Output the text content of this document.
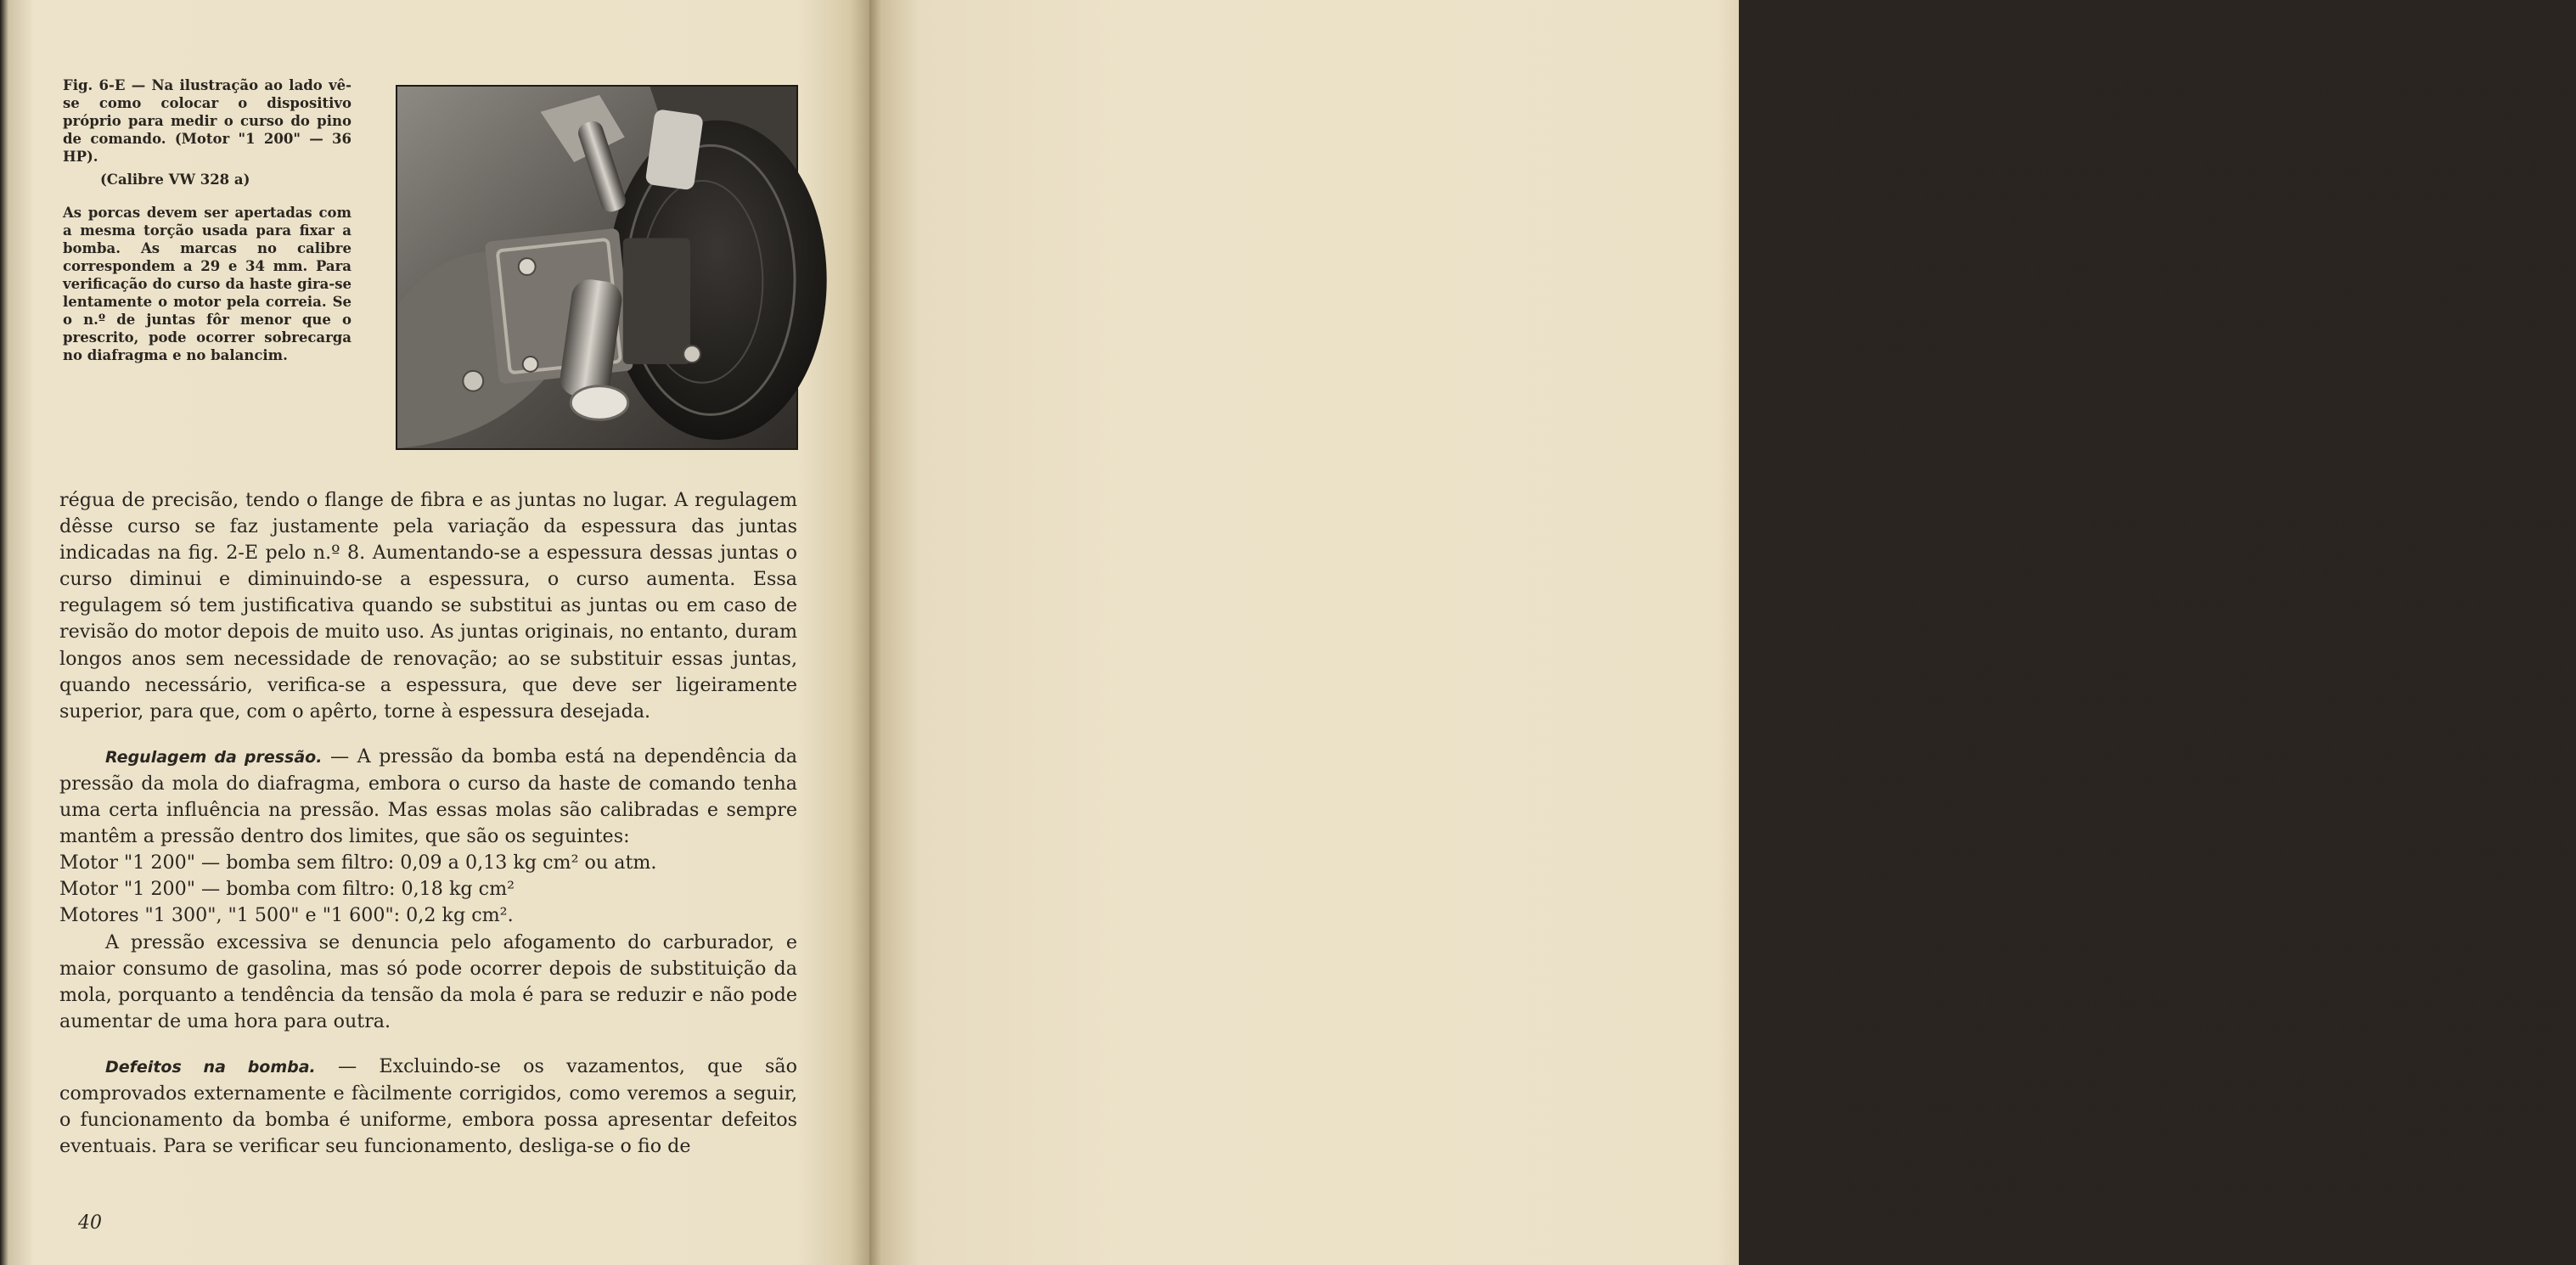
Fig. 6-E — Na ilustração ao lado vê-se como colocar o dispositivo próprio para medir o curso do pino de comando. (Motor "1 200" — 36 HP).

(Calibre VW 328 a)

As porcas devem ser apertadas com a mesma torção usada para fixar a bomba. As marcas no calibre correspondem a 29 e 34 mm. Para verificação do curso da haste gira-se lentamente o motor pela correia. Se o n.º de juntas fôr menor que o prescrito, pode ocorrer sobrecarga no diafragma e no balancim.

régua de precisão, tendo o flange de fibra e as juntas no lugar. A regulagem dêsse curso se faz justamente pela variação da espessura das juntas indicadas na fig. 2-E pelo n.º 8. Aumentando-se a espessura dessas juntas o curso diminui e diminuindo-se a espessura, o curso aumenta. Essa regulagem só tem justificativa quando se substitui as juntas ou em caso de revisão do motor depois de muito uso. As juntas originais, no entanto, duram longos anos sem necessidade de renovação; ao se substituir essas juntas, quando necessário, verifica-se a espessura, que deve ser ligeiramente superior, para que, com o apêrto, torne à espessura desejada.

Regulagem da pressão. — A pressão da bomba está na dependência da pressão da mola do diafragma, embora o curso da haste de comando tenha uma certa influência na pressão. Mas essas molas são calibradas e sempre mantêm a pressão dentro dos limites, que são os seguintes:

Motor "1 200" — bomba sem filtro: 0,09 a 0,13 kg cm² ou atm.

Motor "1 200" — bomba com filtro: 0,18 kg cm²

Motores "1 300", "1 500" e "1 600": 0,2 kg cm².

A pressão excessiva se denuncia pelo afogamento do carburador, e maior consumo de gasolina, mas só pode ocorrer depois de substituição da mola, porquanto a tendência da tensão da mola é para se reduzir e não pode aumentar de uma hora para outra.

Defeitos na bomba. — Excluindo-se os vazamentos, que são comprovados externamente e fàcilmente corrigidos, como veremos a seguir, o funcionamento da bomba é uniforme, embora possa apresentar defeitos eventuais. Para se verificar seu funcionamento, desliga-se o fio de

40

alimentação da bobina e também a ligação do tubo de saída da bomba na junção do carburador. Aciona-se o motor com o motor de partida e observa-se a saída do cano. A gasolina deve jorrar em jatos regulares. Se tal não ocorrer, a primeira suposição é que o diafragma esteja estragado, levando-se a efeito sua substituição como ficou explicado. Nessa ocasião, verifica-se também o estado das molas e das peças de acionamento.

Os vazamentos podem ocorrer nas conexões dos tubos e na junção da tampa com o corpo, bastando tão sòmente apertar as ligações ou os parafusos. Se o vazamento fôr devido ao diafragma rasgado, êste deve ser substituído.

CARBURADOR SOLEX 28 PC1

Carburador. — O carburador tem por função entregar e dosar a gasolina de acôrdo com os fatôres velocidade, carga e temperatura. Os motores "1 200", de 1954 a 1966 empregam o carburador Solex 28 PCI, os modelos "1 300", "1 500" e "1 600", o carburador Solex H-30-PIC, ambos de sucção descendente.

O carburador se situa na parte média do motor, montado no flange do coletor de admissão, equidistante dos cilindros, o que proporciona fornecimento uniforme a todos êles, problema êsse sempre presente nos motores em linha. O abafador é do tipo manual. Possui uma bomba de aceleração comandada pelo mesmo pedal do acelerador, para proporcionar mais fôrça nas acelerações.

A gasolina é admitida no carburador em um reservatório denominado "cuba de nível constante", cujo funcionamento é semelhante ao contrôle de nível das caixas d'água.

A boia é prêsa a um braço, que por sua vez se articula em um eixo horizontal como se vê na fig. 7-E. O braço atua sôbre uma agulha (estilete) que obstrui ou livra a entrada da gasolina, conforme seja empurrada para cima ou se desloque para baixo. Nas posições intermediárias, regula a entrada da gasolina. Quando o nível da gasolina na cuba está baixo, a boia desce e o estilete se afasta do orifício de entrada e a gasolina, enviada pela bomba, penetra na cuba; aí então o nível sobe e com êle a boia e também a agulha que, ao atingir determinado ponto, obstrui a entrada e impede a admissão da gasolina; mas como a gasolina é consumida, o nível desce e com êle a boia e a agulha, permitindo então a entrada de nova quantidade. Como o consumo é cons-

41
